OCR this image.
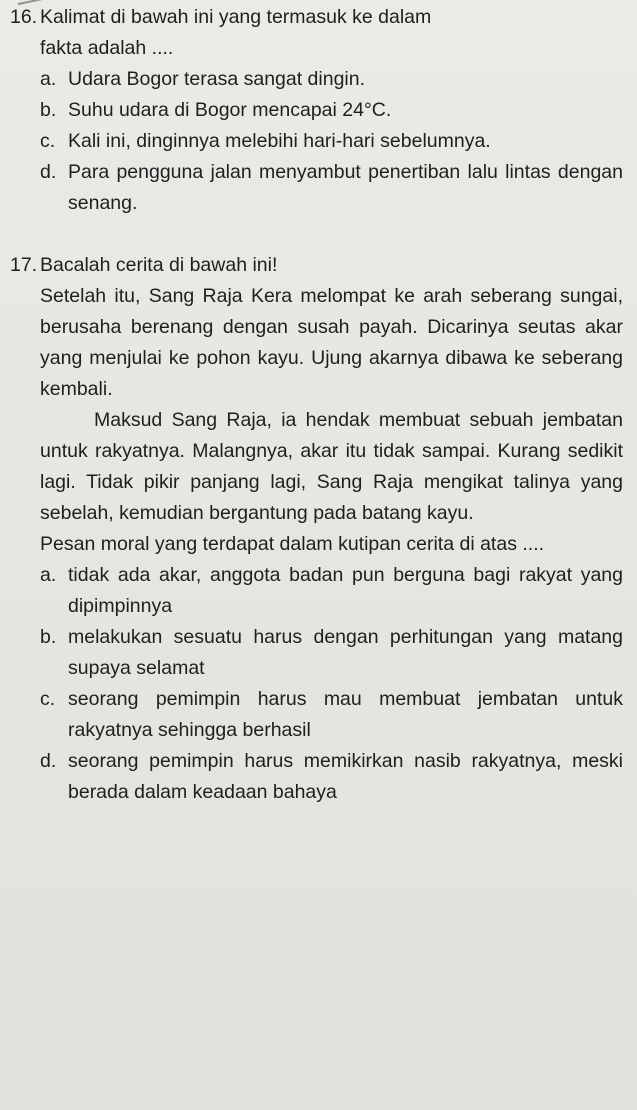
16. Kalimat di bawah ini yang termasuk ke dalam fakta adalah ....
a. Udara Bogor terasa sangat dingin.
b. Suhu udara di Bogor mencapai 24°C.
c. Kali ini, dinginnya melebihi hari-hari sebelumnya.
d. Para pengguna jalan menyambut penertiban lalu lintas dengan senang.
17. Bacalah cerita di bawah ini!
Setelah itu, Sang Raja Kera melompat ke arah seberang sungai, berusaha berenang dengan susah payah. Dicarinya seutas akar yang menjulai ke pohon kayu. Ujung akarnya dibawa ke seberang kembali.
Maksud Sang Raja, ia hendak membuat sebuah jembatan untuk rakyatnya. Malangnya, akar itu tidak sampai. Kurang sedikit lagi. Tidak pikir panjang lagi, Sang Raja mengikat talinya yang sebelah, kemudian bergantung pada batang kayu.
Pesan moral yang terdapat dalam kutipan cerita di atas ....
a. tidak ada akar, anggota badan pun berguna bagi rakyat yang dipimpinnya
b. melakukan sesuatu harus dengan perhitungan yang matang supaya selamat
c. seorang pemimpin harus mau membuat jembatan untuk rakyatnya sehingga berhasil
d. seorang pemimpin harus memikirkan nasib rakyatnya, meski berada dalam keadaan bahaya
